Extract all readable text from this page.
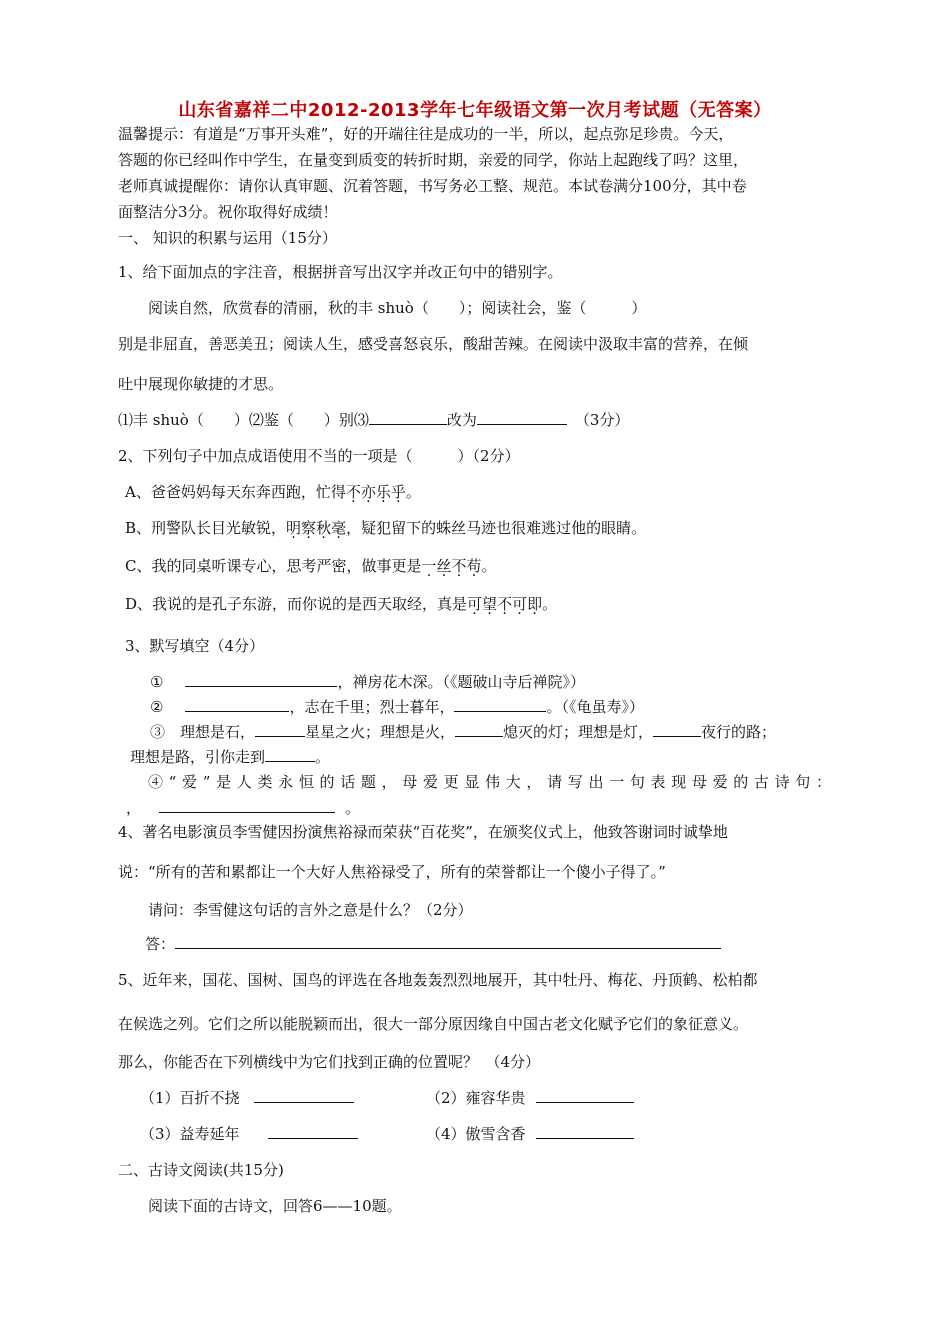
山东省嘉祥二中2012-2013学年七年级语文第一次月考试题（无答案）
温馨提示：有道是“万事开头难”，好的开端往往是成功的一半，所以，起点弥足珍贵。今天，
答题的你已经叫作中学生，在量变到质变的转折时期，亲爱的同学，你站上起跑线了吗？这里，
老师真诚提醒你：请你认真审题、沉着答题，书写务必工整、规范。本试卷满分100分，其中卷
面整洁分3分。祝你取得好成绩！
一、 知识的积累与运用（15分）
1、给下面加点的字注音，根据拼音写出汉字并改正句中的错别字。
阅读自然，欣赏春的清丽，秋的丰 shuò（　　）；阅读社会，鉴（　　　）
别是非屈直，善恶美丑；阅读人生，感受喜怒哀乐，酸甜苦辣。在阅读中汲取丰富的营养，在倾
吐中展现你敏捷的才思。
⑴丰 shuò（　　）⑵鉴（　　）别⑶	改为	（3分）
2、下列句子中加点成语使用不当的一项是（　　　）（2分）
A、爸爸妈妈每天东奔西跑，忙得不亦乐乎。
B、刑警队长目光敏锐，明察秋毫，疑犯留下的蛛丝马迹也很难逃过他的眼睛。
C、我的同桌听课专心，思考严密，做事更是一丝不苟。
D、我说的是孔子东游，而你说的是西天取经，真是可望不可即。
3、默写填空（4分）
①	，禅房花木深。（《题破山寺后禅院》）
②	，志在千里；烈士暮年，	。（《龟虽寿》）
③　理想是石，	星星之火；理想是火，	熄灭的灯；理想是灯，	夜行的路；
理想是路，引你走到	。
④“爱”是人类永恒的话题，母爱更显伟大，请写出一句表现母爱的古诗句：
，	。
4、著名电影演员李雪健因扮演焦裕禄而荣获“百花奖”，在颁奖仪式上，他致答谢词时诚挚地
说：“所有的苦和累都让一个大好人焦裕禄受了，所有的荣誉都让一个傻小子得了。”
请问：李雪健这句话的言外之意是什么？（2分）
答：
5、近年来，国花、国树、国鸟的评选在各地轰轰烈烈地展开，其中牡丹、梅花、丹顶鹤、松柏都
在候选之列。它们之所以能脱颖而出，很大一部分原因缘自中国古老文化赋予它们的象征意义。
那么，你能否在下列横线中为它们找到正确的位置呢？　（4分）
（1）百折不挠	（2）雍容华贵
（3）益寿延年	（4）傲雪含香
二、古诗文阅读(共15分)
阅读下面的古诗文，回答6——10题。
